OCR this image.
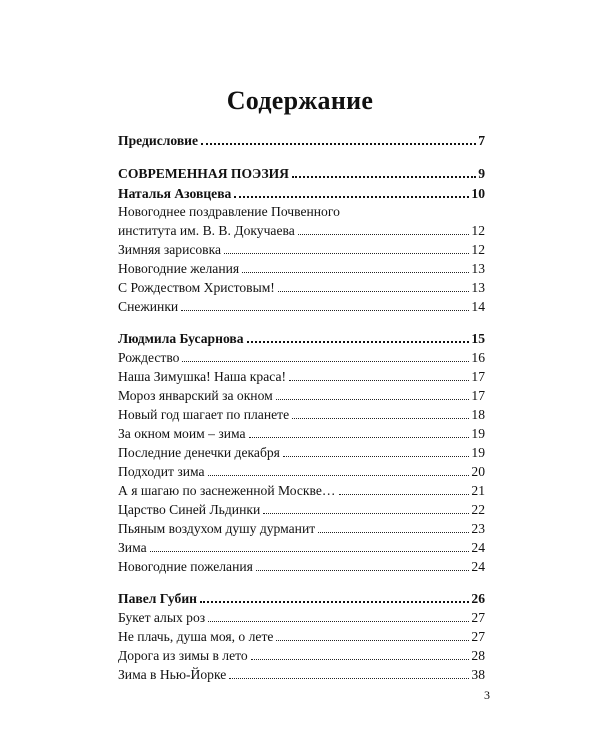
Содержание
Предисловие	7
СОВРЕМЕННАЯ ПОЭЗИЯ	9
Наталья Азовцева	10
Новогоднее поздравление Почвенного
института им. В. В. Докучаева	12
Зимняя зарисовка	12
Новогодние желания	13
С Рождеством Христовым!	13
Снежинки	14
Людмила Бусарнова	15
Рождество	16
Наша Зимушка! Наша краса!	17
Мороз январский за окном	17
Новый год шагает по планете	18
За окном моим – зима	19
Последние денечки декабря	19
Подходит зима	20
А я шагаю по заснеженной Москве…	21
Царство Синей Льдинки	22
Пьяным воздухом душу дурманит	23
Зима	24
Новогодние пожелания	24
Павел Губин	26
Букет алых роз	27
Не плачь, душа моя, о лете	27
Дорога из зимы в лето	28
Зима в Нью-Йорке	38
3
